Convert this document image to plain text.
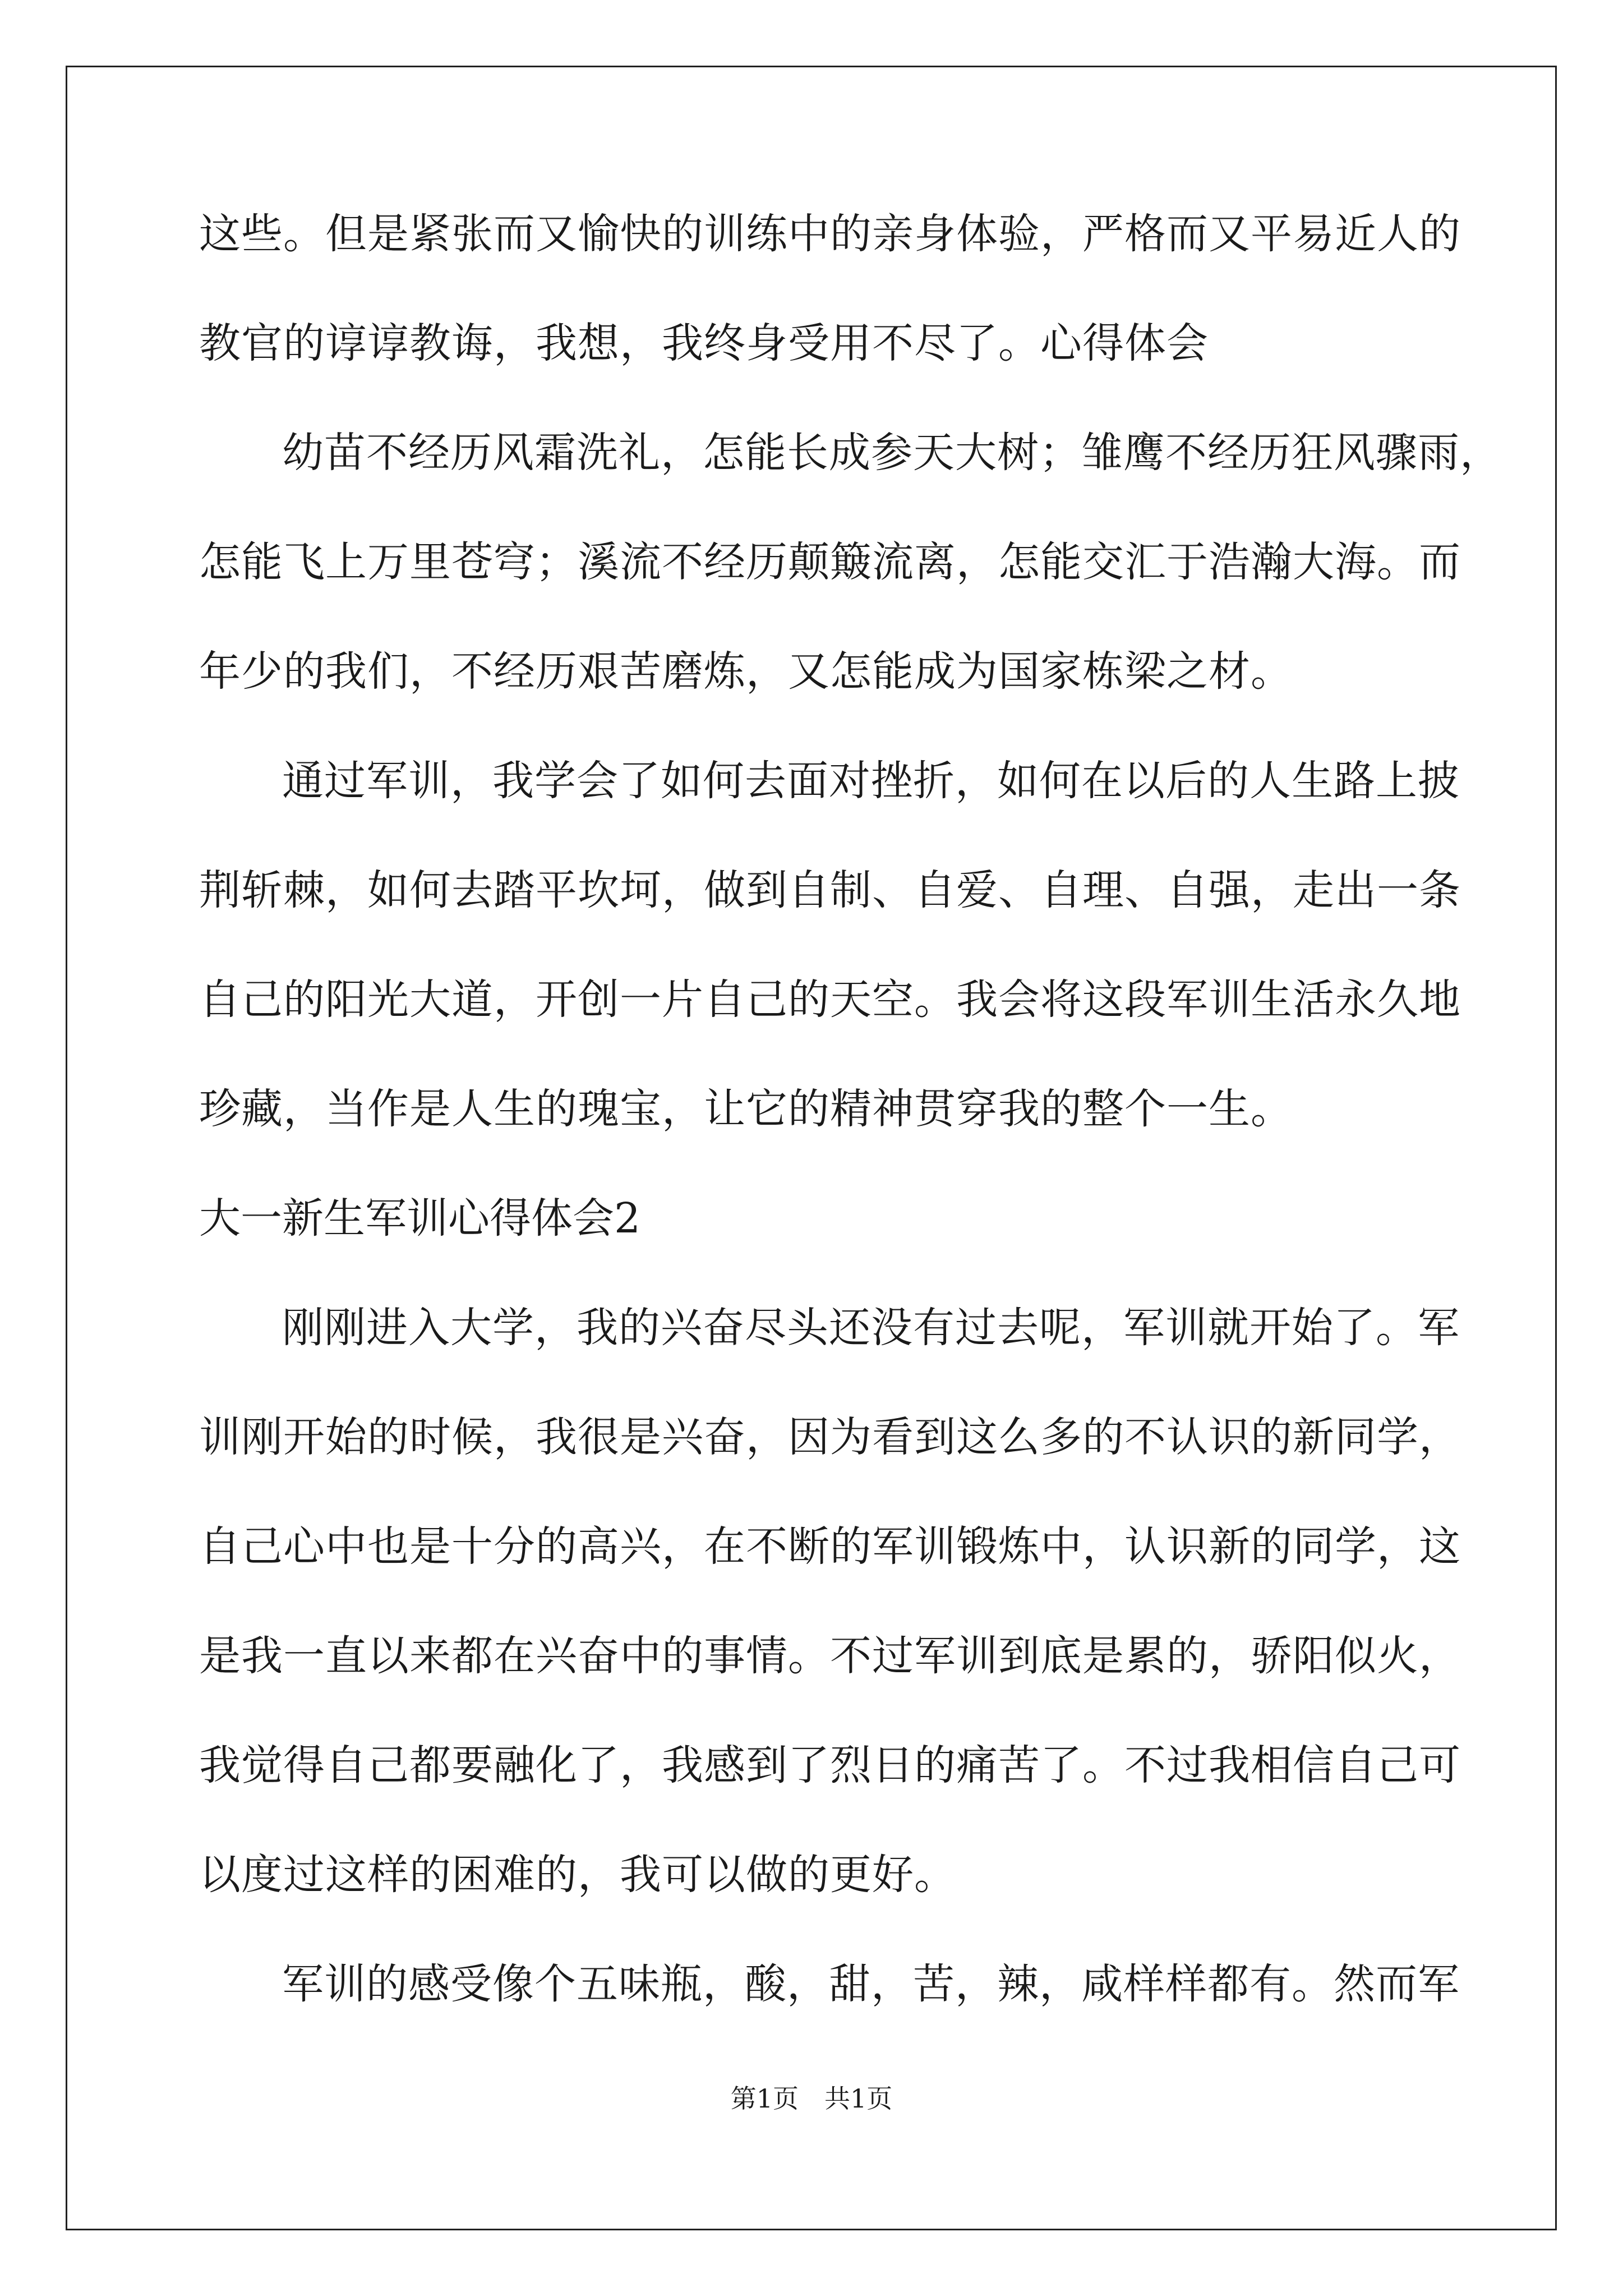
这些。但是紧张而又愉快的训练中的亲身体验，严格而又平易近人的
教官的谆谆教诲，我想，我终身受用不尽了。心得体会
幼苗不经历风霜洗礼，怎能长成参天大树；雏鹰不经历狂风骤雨，
怎能飞上万里苍穹；溪流不经历颠簸流离，怎能交汇于浩瀚大海。而
年少的我们，不经历艰苦磨炼，又怎能成为国家栋梁之材。
通过军训，我学会了如何去面对挫折，如何在以后的人生路上披
荆斩棘，如何去踏平坎坷，做到自制、自爱、自理、自强，走出一条
自己的阳光大道，开创一片自己的天空。我会将这段军训生活永久地
珍藏，当作是人生的瑰宝，让它的精神贯穿我的整个一生。
大一新生军训心得体会2
刚刚进入大学，我的兴奋尽头还没有过去呢，军训就开始了。军
训刚开始的时候，我很是兴奋，因为看到这么多的不认识的新同学，
自己心中也是十分的高兴，在不断的军训锻炼中，认识新的同学，这
是我一直以来都在兴奋中的事情。不过军训到底是累的，骄阳似火，
我觉得自己都要融化了，我感到了烈日的痛苦了。不过我相信自己可
以度过这样的困难的，我可以做的更好。
军训的感受像个五味瓶，酸，甜，苦，辣，咸样样都有。然而军
第1页　共1页
